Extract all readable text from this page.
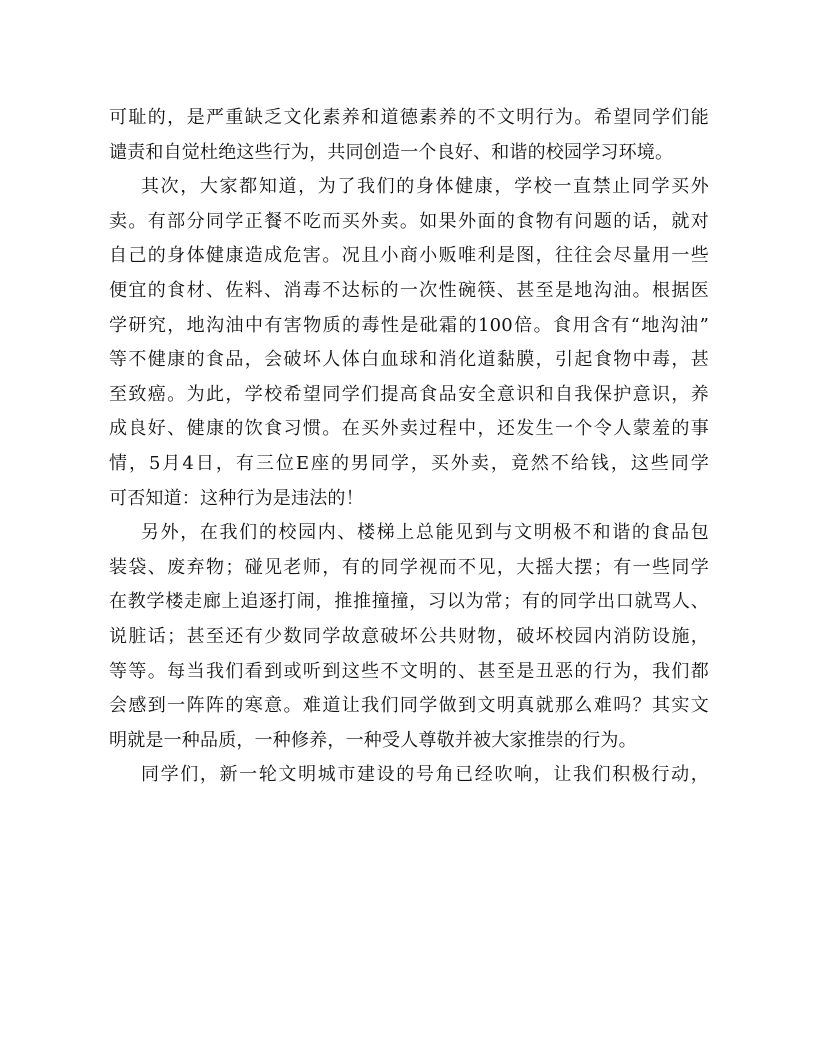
可耻的，是严重缺乏文化素养和道德素养的不文明行为。希望同学们能
谴责和自觉杜绝这些行为，共同创造一个良好、和谐的校园学习环境。
其次，大家都知道，为了我们的身体健康，学校一直禁止同学买外
卖。有部分同学正餐不吃而买外卖。如果外面的食物有问题的话，就对
自己的身体健康造成危害。况且小商小贩唯利是图，往往会尽量用一些
便宜的食材、佐料、消毒不达标的一次性碗筷、甚至是地沟油。根据医
学研究，地沟油中有害物质的毒性是砒霜的100倍。食用含有“地沟油”
等不健康的食品，会破坏人体白血球和消化道黏膜，引起食物中毒，甚
至致癌。为此，学校希望同学们提高食品安全意识和自我保护意识，养
成良好、健康的饮食习惯。在买外卖过程中，还发生一个令人蒙羞的事
情，5月4日，有三位E座的男同学，买外卖，竟然不给钱，这些同学
可否知道：这种行为是违法的！
另外，在我们的校园内、楼梯上总能见到与文明极不和谐的食品包
装袋、废弃物；碰见老师，有的同学视而不见，大摇大摆；有一些同学
在教学楼走廊上追逐打闹，推推撞撞，习以为常；有的同学出口就骂人、
说脏话；甚至还有少数同学故意破坏公共财物，破坏校园内消防设施，
等等。每当我们看到或听到这些不文明的、甚至是丑恶的行为，我们都
会感到一阵阵的寒意。难道让我们同学做到文明真就那么难吗？其实文
明就是一种品质，一种修养，一种受人尊敬并被大家推崇的行为。
同学们，新一轮文明城市建设的号角已经吹响，让我们积极行动，
